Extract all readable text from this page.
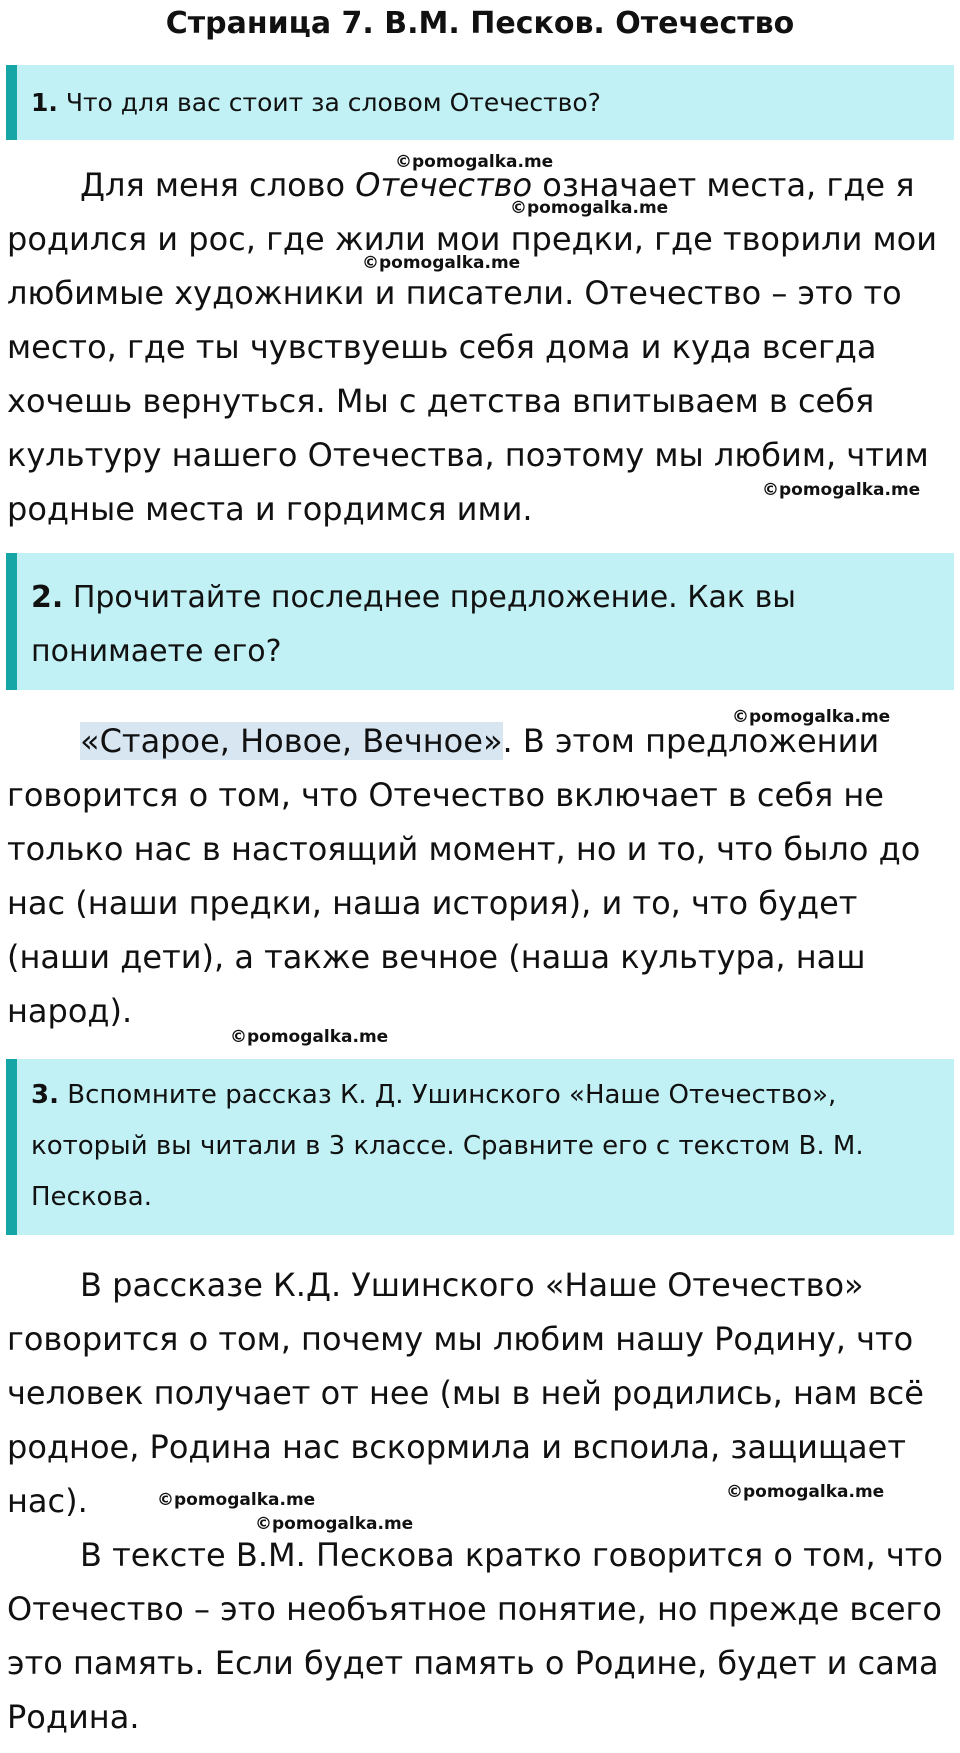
Страница 7. В.М. Песков. Отечество
1. Что для вас стоит за словом Отечество?

Для меня слово Отечество означает места, где я родился и рос, где жили мои предки, где творили мои любимые художники и писатели. Отечество – это то место, где ты чувствуешь себя дома и куда всегда хочешь вернуться. Мы с детства впитываем в себя культуру нашего Отечества, поэтому мы любим, чтим родные места и гордимся ими.

2. Прочитайте последнее предложение. Как вы понимаете его?

«Старое, Новое, Вечное». В этом предложении говорится о том, что Отечество включает в себя не только нас в настоящий момент, но и то, что было до нас (наши предки, наша история), и то, что будет (наши дети), а также вечное (наша культура, наш народ).

3. Вспомните рассказ К. Д. Ушинского «Наше Отечество», который вы читали в 3 классе. Сравните его с текстом В. М. Пескова.

В рассказе К.Д. Ушинского «Наше Отечество» говорится о том, почему мы любим нашу Родину, что человек получает от нее (мы в ней родились, нам всё родное, Родина нас вскормила и вспоила, защищает нас).

В тексте В.М. Пескова кратко говорится о том, что Отечество – это необъятное понятие, но прежде всего это память. Если будет память о Родине, будет и сама Родина.

©pomogalka.me
©pomogalka.me
©pomogalka.me
©pomogalka.me
©pomogalka.me
©pomogalka.me
©pomogalka.me
©pomogalka.me
©pomogalka.me
